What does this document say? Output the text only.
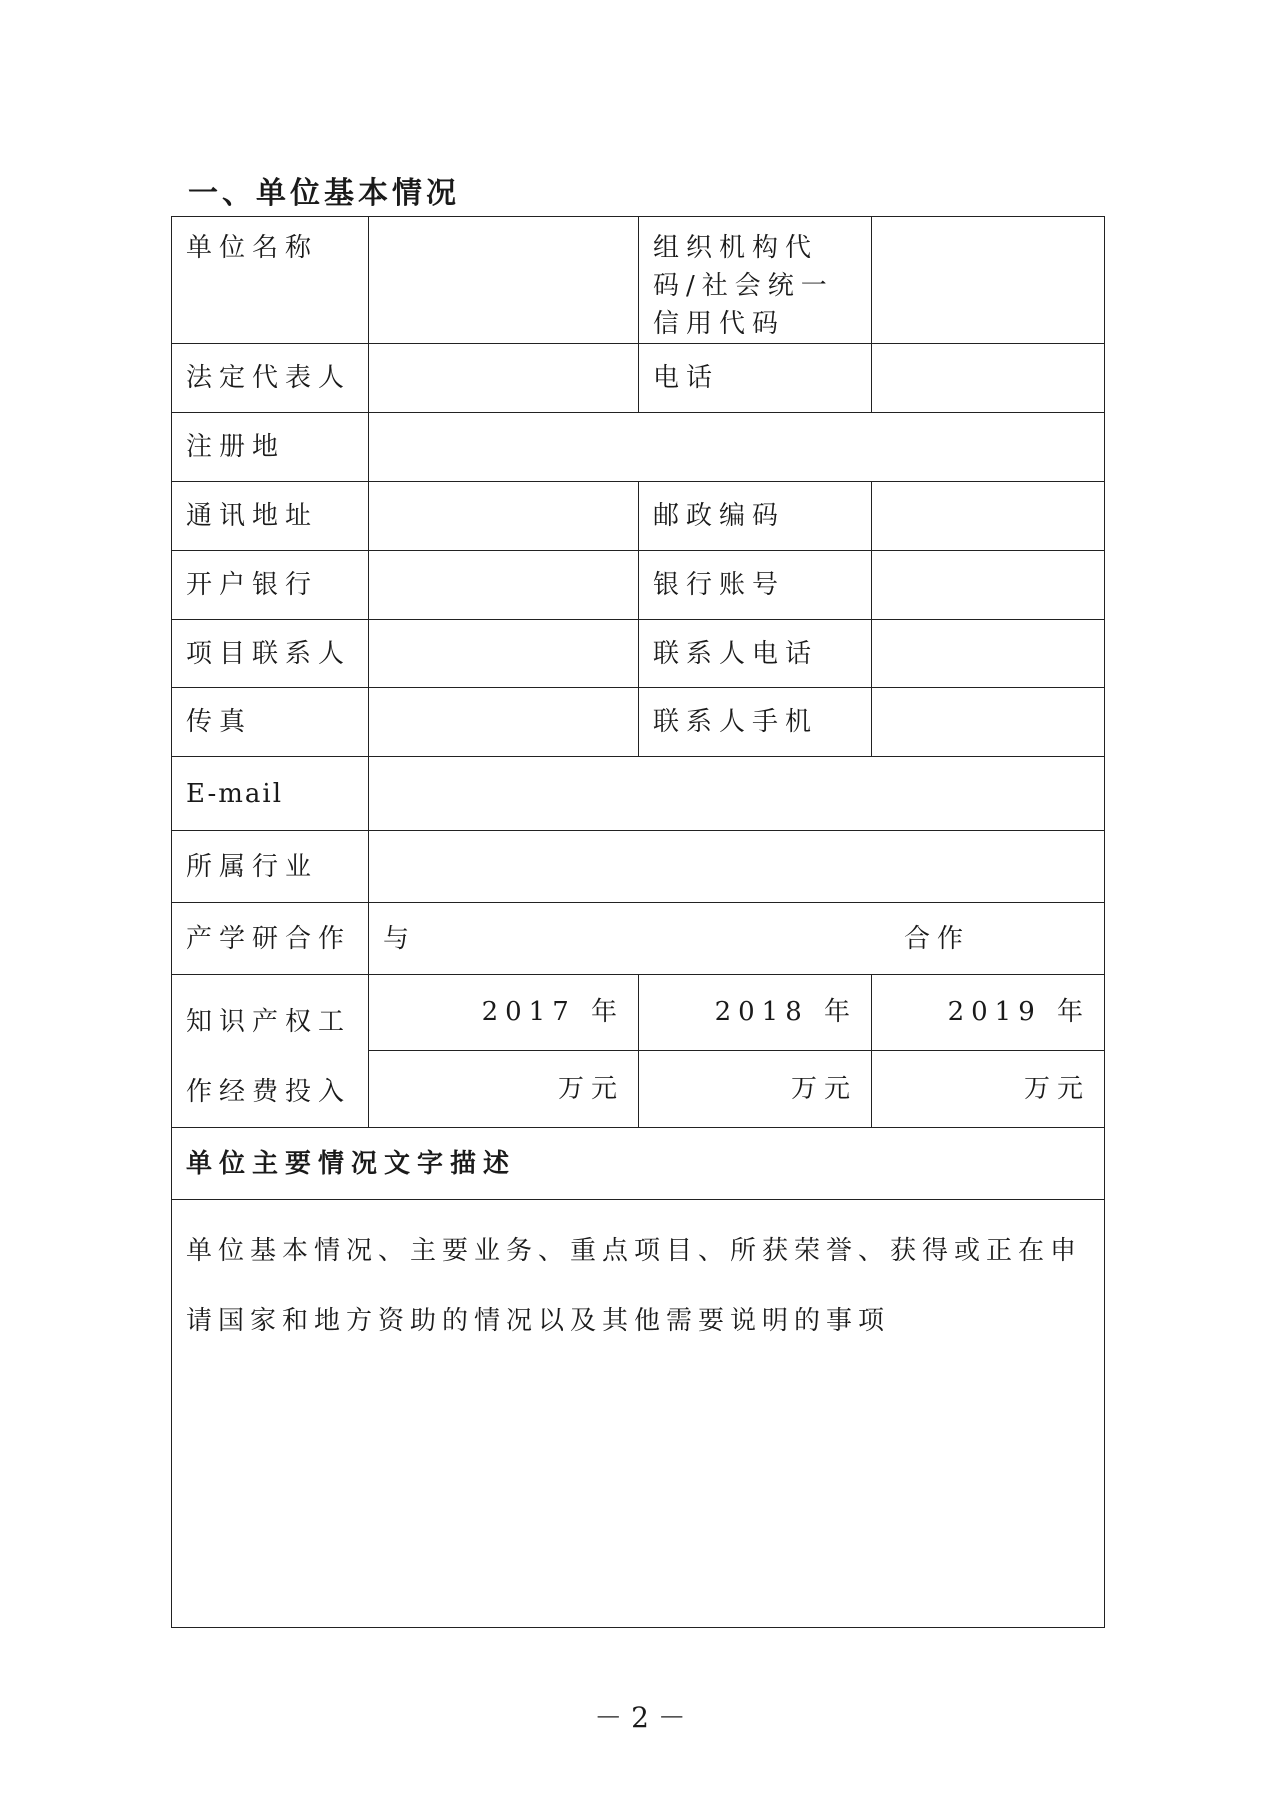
一、单位基本情况
单位名称		组织机构代码/社会统一信用代码	
法定代表人		电话	
注册地			
通讯地址		邮政编码	
开户银行		银行账号	
项目联系人		联系人电话	
传真		联系人手机	
E-mail			
所属行业			
产学研合作	与 合作		

知识产权工作经费投入	2017 年	2018 年	2019 年
	万元	万元	万元
单位主要情况文字描述			
单位基本情况、主要业务、重点项目、所获荣誉、获得或正在申请国家和地方资助的情况以及其他需要说明的事项			
－ 2 －
